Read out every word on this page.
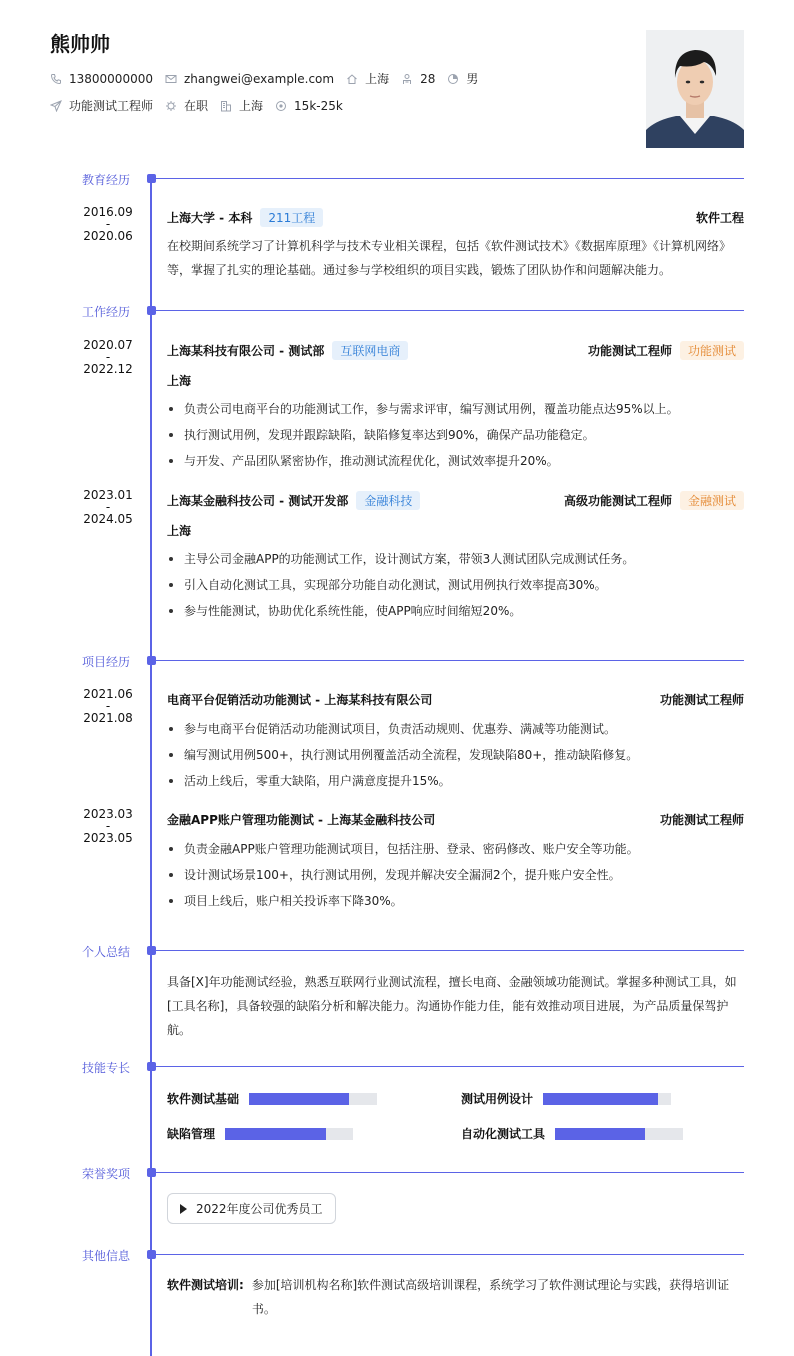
熊帅帅
13800000000	zhangwei@example.com	上海	28	男
功能测试工程师	在职	上海	15k-25k
教育经历
2016.09
-
2020.06
上海大学 - 本科	211工程	软件工程
在校期间系统学习了计算机科学与技术专业相关课程，包括《软件测试技术》《数据库原理》《计算机网络》等，掌握了扎实的理论基础。通过参与学校组织的项目实践，锻炼了团队协作和问题解决能力。
工作经历
2020.07
-
2022.12
上海某科技有限公司 - 测试部	互联网电商	功能测试工程师	功能测试
上海
负责公司电商平台的功能测试工作，参与需求评审，编写测试用例，覆盖功能点达95%以上。
执行测试用例，发现并跟踪缺陷，缺陷修复率达到90%，确保产品功能稳定。
与开发、产品团队紧密协作，推动测试流程优化，测试效率提升20%。
2023.01
-
2024.05
上海某金融科技公司 - 测试开发部	金融科技	高级功能测试工程师	金融测试
上海
主导公司金融APP的功能测试工作，设计测试方案，带领3人测试团队完成测试任务。
引入自动化测试工具，实现部分功能自动化测试，测试用例执行效率提高30%。
参与性能测试，协助优化系统性能，使APP响应时间缩短20%。
项目经历
2021.06
-
2021.08
电商平台促销活动功能测试 - 上海某科技有限公司	功能测试工程师
参与电商平台促销活动功能测试项目，负责活动规则、优惠券、满减等功能测试。
编写测试用例500+，执行测试用例覆盖活动全流程，发现缺陷80+，推动缺陷修复。
活动上线后，零重大缺陷，用户满意度提升15%。
2023.03
-
2023.05
金融APP账户管理功能测试 - 上海某金融科技公司	功能测试工程师
负责金融APP账户管理功能测试项目，包括注册、登录、密码修改、账户安全等功能。
设计测试场景100+，执行测试用例，发现并解决安全漏洞2个，提升账户安全性。
项目上线后，账户相关投诉率下降30%。
个人总结
具备[X]年功能测试经验，熟悉互联网行业测试流程，擅长电商、金融领域功能测试。掌握多种测试工具，如[工具名称]，具备较强的缺陷分析和解决能力。沟通协作能力佳，能有效推动项目进展，为产品质量保驾护航。
技能专长
软件测试基础	测试用例设计
缺陷管理	自动化测试工具
荣誉奖项
2022年度公司优秀员工
其他信息
软件测试培训: 参加[培训机构名称]软件测试高级培训课程，系统学习了软件测试理论与实践，获得培训证书。
